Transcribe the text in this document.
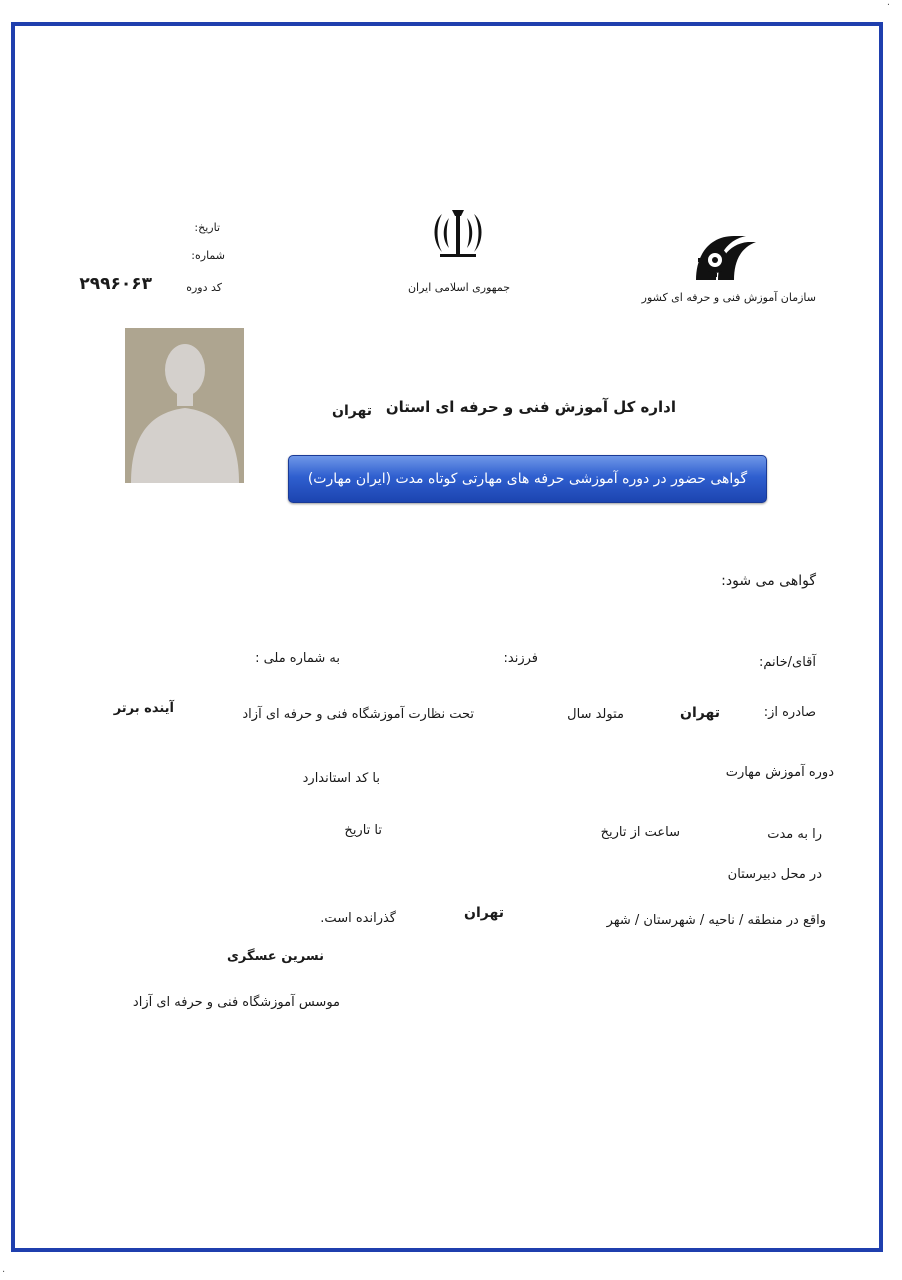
·
·
تاریخ:
شماره:
کد دوره
۲۹۹۶۰۶۳	جمهوری اسلامی ایران
سازمان آموزش فنی و حرفه ای کشور
اداره کل آموزش فنی و حرفه ای استان
تهران
گواهی حضور در دوره آموزشی حرفه های مهارتی کوتاه مدت (ایران مهارت)
گواهی می شود:
آقای/خانم:
فرزند:
به شماره ملی :
صادره از:
تهران
متولد سال
تحت نظارت آموزشگاه فنی و حرفه ای آزاد
آینده برتر
دوره آموزش مهارت
با کد استاندارد
را به مدت
ساعت از تاریخ
تا تاریخ
در محل دبیرستان
واقع در منطقه / ناحیه / شهرستان / شهر
تهران
گذرانده است.
نسرین عسگری
موسس آموزشگاه فنی و حرفه ای آزاد
